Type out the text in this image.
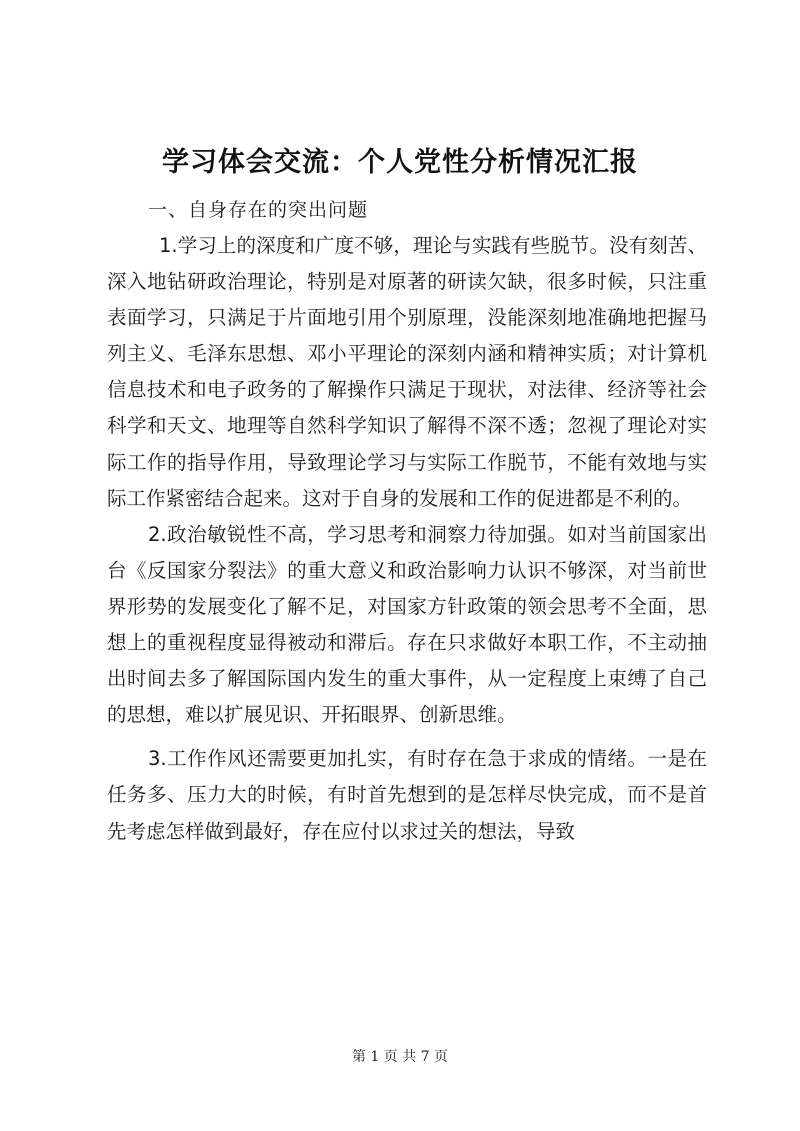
学习体会交流：个人党性分析情况汇报
一、自身存在的突出问题

1.学习上的深度和广度不够，理论与实践有些脱节。没有刻苦、深入地钻研政治理论，特别是对原著的研读欠缺，很多时候，只注重表面学习，只满足于片面地引用个别原理，没能深刻地准确地把握马列主义、毛泽东思想、邓小平理论的深刻内涵和精神实质；对计算机信息技术和电子政务的了解操作只满足于现状，对法律、经济等社会科学和天文、地理等自然科学知识了解得不深不透；忽视了理论对实际工作的指导作用，导致理论学习与实际工作脱节，不能有效地与实际工作紧密结合起来。这对于自身的发展和工作的促进都是不利的。

2.政治敏锐性不高，学习思考和洞察力待加强。如对当前国家出台《反国家分裂法》的重大意义和政治影响力认识不够深，对当前世界形势的发展变化了解不足，对国家方针政策的领会思考不全面，思想上的重视程度显得被动和滞后。存在只求做好本职工作，不主动抽出时间去多了解国际国内发生的重大事件，从一定程度上束缚了自己的思想，难以扩展见识、开拓眼界、创新思维。

3.工作作风还需要更加扎实，有时存在急于求成的情绪。一是在任务多、压力大的时候，有时首先想到的是怎样尽快完成，而不是首先考虑怎样做到最好，存在应付以求过关的想法，导致

第 1 页 共 7 页
